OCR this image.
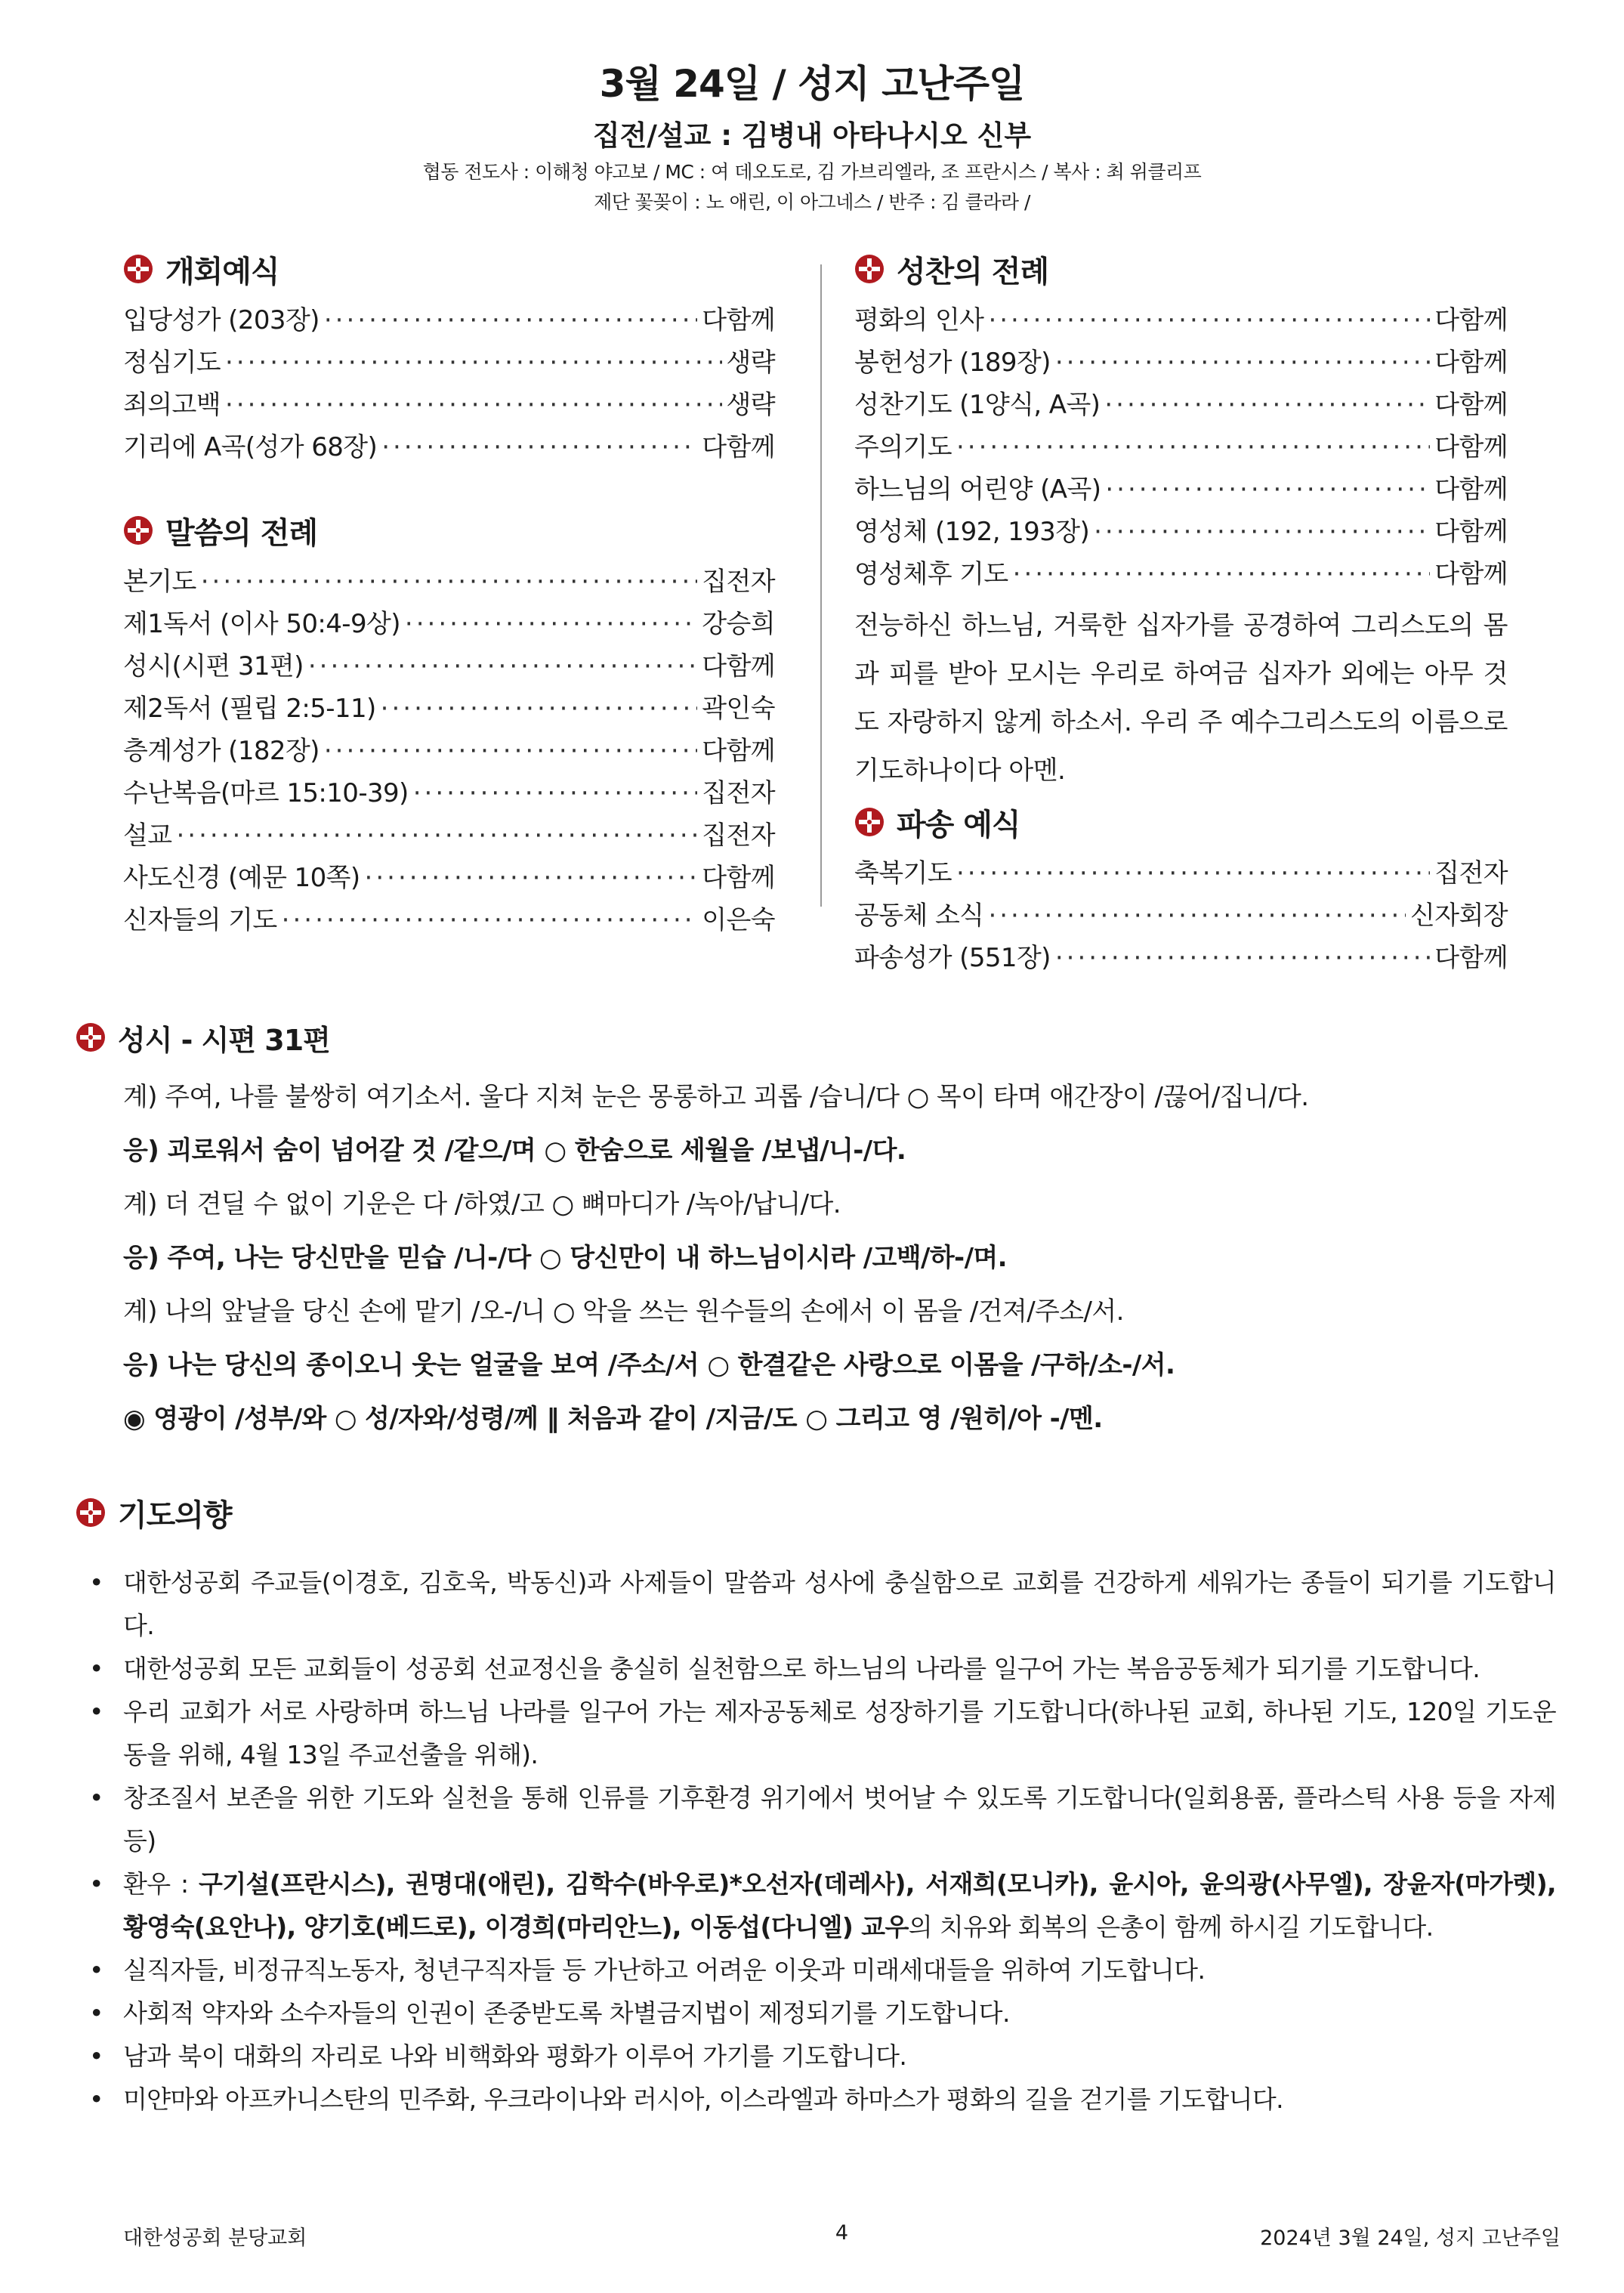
3월 24일 / 성지 고난주일
집전/설교 : 김병내 아타나시오 신부
협동 전도사 : 이해청 야고보 / MC : 여 데오도로, 김 가브리엘라, 조 프란시스 / 복사 : 최 위클리프
제단 꽃꽂이 : 노 애린, 이 아그네스 / 반주 : 김 클라라 /
개회예식
입당성가 (203장) ·····	다함께
정심기도 ·····	생략
죄의고백 ·····	생략
기리에 A곡(성가 68장) ·····	다함께
말씀의 전례
본기도 ·····	집전자
제1독서 (이사 50:4-9상) ·····	강승희
성시(시편 31편) ·····	다함께
제2독서 (필립 2:5-11) ·····	곽인숙
층계성가 (182장) ·····	다함께
수난복음(마르 15:10-39) ·····	집전자
설교 ·····	집전자
사도신경 (예문 10쪽) ·····	다함께
신자들의 기도 ·····	이은숙
성찬의 전례
평화의 인사 ·····	다함께
봉헌성가 (189장) ·····	다함께
성찬기도 (1양식, A곡) ·····	다함께
주의기도 ·····	다함께
하느님의 어린양 (A곡) ·····	다함께
영성체 (192, 193장) ·····	다함께
영성체후 기도 ·····	다함께
전능하신 하느님, 거룩한 십자가를 공경하여 그리스도의 몸과 피를 받아 모시는 우리로 하여금 십자가 외에는 아무 것도 자랑하지 않게 하소서. 우리 주 예수그리스도의 이름으로 기도하나이다 아멘.
파송 예식
축복기도 ·····	집전자
공동체 소식 ·····	신자회장
파송성가 (551장) ·····	다함께
성시 - 시편 31편
계) 주여, 나를 불쌍히 여기소서. 울다 지쳐 눈은 몽롱하고 괴롭 /습니/다 ○ 목이 타며 애간장이 /끊어/집니/다.
응) 괴로워서 숨이 넘어갈 것 /같으/며 ○ 한숨으로 세월을 /보냅/니-/다.
계) 더 견딜 수 없이 기운은 다 /하였/고 ○ 뼈마디가 /녹아/납니/다.
응) 주여, 나는 당신만을 믿습 /니-/다 ○ 당신만이 내 하느님이시라 /고백/하-/며.
계) 나의 앞날을 당신 손에 맡기 /오-/니 ○ 악을 쓰는 원수들의 손에서 이 몸을 /건져/주소/서.
응) 나는 당신의 종이오니 웃는 얼굴을 보여 /주소/서 ○ 한결같은 사랑으로 이몸을 /구하/소-/서.
◉ 영광이 /성부/와 ○ 성/자와/성령/께 ‖ 처음과 같이 /지금/도 ○ 그리고 영 /원히/아 -/멘.
기도의향
• 대한성공회 주교들(이경호, 김호욱, 박동신)과 사제들이 말씀과 성사에 충실함으로 교회를 건강하게 세워가는 종들이 되기를 기도합니다.
• 대한성공회 모든 교회들이 성공회 선교정신을 충실히 실천함으로 하느님의 나라를 일구어 가는 복음공동체가 되기를 기도합니다.
• 우리 교회가 서로 사랑하며 하느님 나라를 일구어 가는 제자공동체로 성장하기를 기도합니다(하나된 교회, 하나된 기도, 120일 기도운동을 위해, 4월 13일 주교선출을 위해).
• 창조질서 보존을 위한 기도와 실천을 통해 인류를 기후환경 위기에서 벗어날 수 있도록 기도합니다(일회용품, 플라스틱 사용 등을 자제 등)
• 환우 : 구기설(프란시스), 권명대(애린), 김학수(바우로)*오선자(데레사), 서재희(모니카), 윤시아, 윤의광(사무엘), 장윤자(마가렛), 황영숙(요안나), 양기호(베드로), 이경희(마리안느), 이동섭(다니엘) 교우의 치유와 회복의 은총이 함께 하시길 기도합니다.
• 실직자들, 비정규직노동자, 청년구직자들 등 가난하고 어려운 이웃과 미래세대들을 위하여 기도합니다.
• 사회적 약자와 소수자들의 인권이 존중받도록 차별금지법이 제정되기를 기도합니다.
• 남과 북이 대화의 자리로 나와 비핵화와 평화가 이루어 가기를 기도합니다.
• 미얀마와 아프카니스탄의 민주화, 우크라이나와 러시아, 이스라엘과 하마스가 평화의 길을 걷기를 기도합니다.
대한성공회 분당교회	4	2024년 3월 24일, 성지 고난주일
